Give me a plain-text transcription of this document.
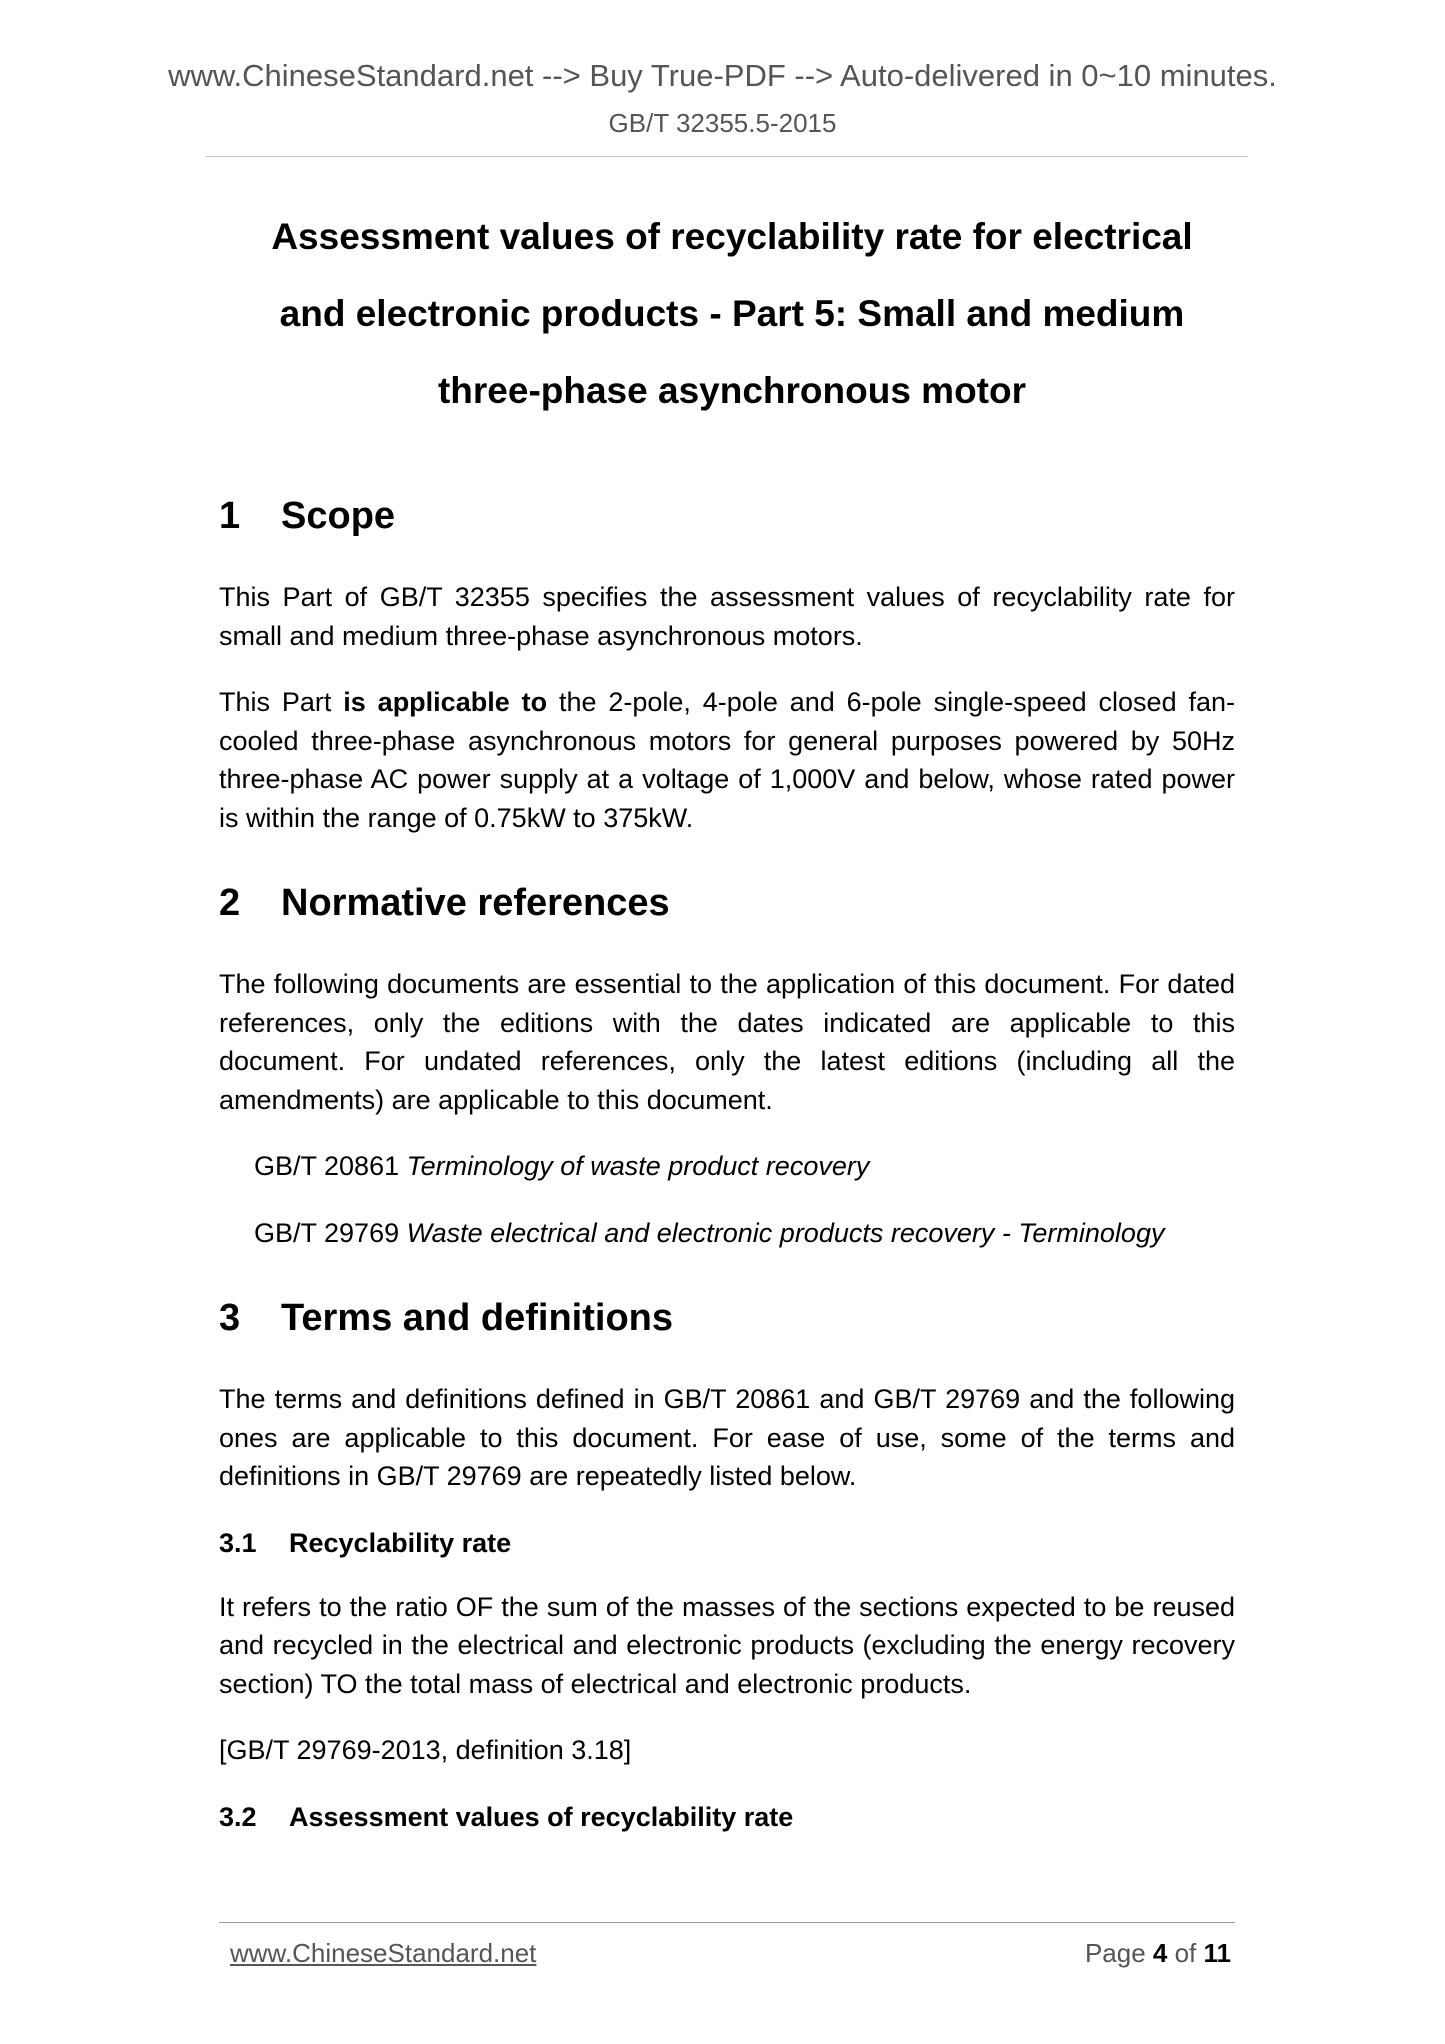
www.ChineseStandard.net --> Buy True-PDF --> Auto-delivered in 0~10 minutes.
GB/T 32355.5-2015
Assessment values of recyclability rate for electrical
and electronic products - Part 5: Small and medium
three-phase asynchronous motor
1 Scope

This Part of GB/T 32355 specifies the assessment values of recyclability rate for small and medium three-phase asynchronous motors.

This Part is applicable to the 2-pole, 4-pole and 6-pole single-speed closed fan-cooled three-phase asynchronous motors for general purposes powered by 50Hz three-phase AC power supply at a voltage of 1,000V and below, whose rated power is within the range of 0.75kW to 375kW.

2 Normative references

The following documents are essential to the application of this document. For dated references, only the editions with the dates indicated are applicable to this document. For undated references, only the latest editions (including all the amendments) are applicable to this document.

GB/T 20861 Terminology of waste product recovery

GB/T 29769 Waste electrical and electronic products recovery - Terminology

3 Terms and definitions

The terms and definitions defined in GB/T 20861 and GB/T 29769 and the following ones are applicable to this document. For ease of use, some of the terms and definitions in GB/T 29769 are repeatedly listed below.

3.1 Recyclability rate

It refers to the ratio OF the sum of the masses of the sections expected to be reused and recycled in the electrical and electronic products (excluding the energy recovery section) TO the total mass of electrical and electronic products.

[GB/T 29769-2013, definition 3.18]

3.2 Assessment values of recyclability rate
www.ChineseStandard.net	Page 4 of 11
